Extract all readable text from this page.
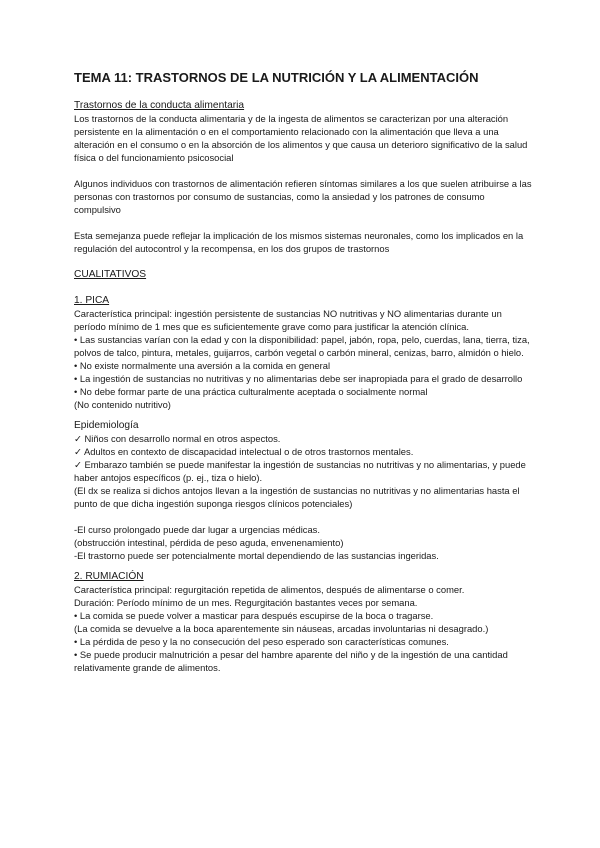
TEMA 11: TRASTORNOS DE LA NUTRICIÓN Y LA ALIMENTACIÓN

Trastornos de la conducta alimentaria

Los trastornos de la conducta alimentaria y de la ingesta de alimentos se caracterizan por una alteración persistente en la alimentación o en el comportamiento relacionado con la alimentación que lleva a una alteración en el consumo o en la absorción de los alimentos y que causa un deterioro significativo de la salud física o del funcionamiento psicosocial

Algunos individuos con trastornos de alimentación refieren síntomas similares a los que suelen atribuirse a las personas con trastornos por consumo de sustancias, como la ansiedad y los patrones de consumo compulsivo

Esta semejanza puede reflejar la implicación de los mismos sistemas neuronales, como los implicados en la regulación del autocontrol y la recompensa, en los dos grupos de trastornos

CUALITATIVOS

1. PICA

Característica principal: ingestión persistente de sustancias NO nutritivas y NO alimentarias durante un período mínimo de 1 mes que es suficientemente grave como para justificar la atención clínica.

• Las sustancias varían con la edad y con la disponibilidad: papel, jabón, ropa, pelo, cuerdas, lana, tierra, tiza, polvos de talco, pintura, metales, guijarros, carbón vegetal o carbón mineral, cenizas, barro, almidón o hielo.

• No existe normalmente una aversión a la comida en general

• La ingestión de sustancias no nutritivas y no alimentarias debe ser inapropiada para el grado de desarrollo

• No debe formar parte de una práctica culturalmente aceptada o socialmente normal

(No contenido nutritivo)

Epidemiología

✓ Niños con desarrollo normal en otros aspectos.

✓ Adultos en contexto de discapacidad intelectual o de otros trastornos mentales.

✓ Embarazo también se puede manifestar la ingestión de sustancias no nutritivas y no alimentarias, y puede haber antojos específicos (p. ej., tiza o hielo).

(El dx se realiza si dichos antojos llevan a la ingestión de sustancias no nutritivas y no alimentarias hasta el punto de que dicha ingestión suponga riesgos clínicos potenciales)

-El curso prolongado puede dar lugar a urgencias médicas.

(obstrucción intestinal, pérdida de peso aguda, envenenamiento)

-El trastorno puede ser potencialmente mortal dependiendo de las sustancias ingeridas.

2. RUMIACIÓN

Característica principal: regurgitación repetida de alimentos, después de alimentarse o comer.

Duración: Período mínimo de un mes. Regurgitación bastantes veces por semana.

• La comida se puede volver a masticar para después escupirse de la boca o tragarse.

(La comida se devuelve a la boca aparentemente sin náuseas, arcadas involuntarias ni desagrado.)

• La pérdida de peso y la no consecución del peso esperado son características comunes.

• Se puede producir malnutrición a pesar del hambre aparente del niño y de la ingestión de una cantidad relativamente grande de alimentos.
